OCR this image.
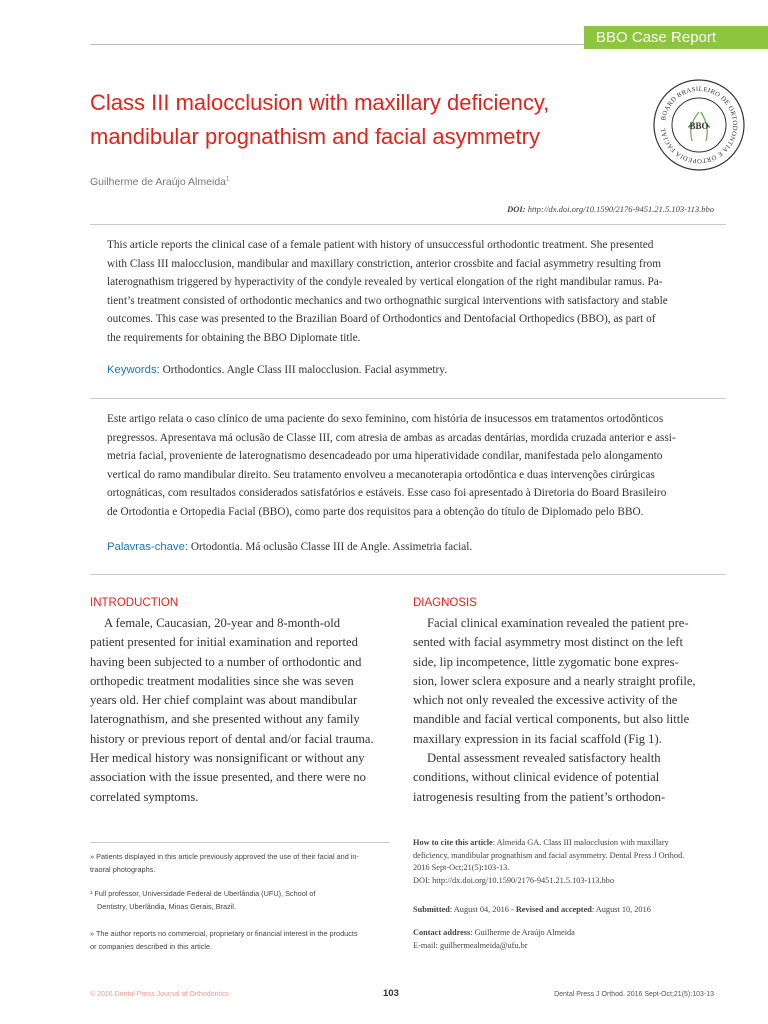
BBO Case Report
Class III malocclusion with maxillary deficiency,
mandibular prognathism and facial asymmetry
BOARD BRASILEIRO DE ORTODONTIA E ORTOPEDIA FACIAL	BBO
Guilherme de Araújo Almeida$^1$
DOI: http://dx.doi.org/10.1590/2176-9451.21.5.103-113.bbo
This article reports the clinical case of a female patient with history of unsuccessful orthodontic treatment. She presented
with Class III malocclusion, mandibular and maxillary constriction, anterior crossbite and facial asymmetry resulting from
laterognathism triggered by hyperactivity of the condyle revealed by vertical elongation of the right mandibular ramus. Pa-
tient’s treatment consisted of orthodontic mechanics and two orthognathic surgical interventions with satisfactory and stable
outcomes. This case was presented to the Brazilian Board of Orthodontics and Dentofacial Orthopedics (BBO), as part of
the requirements for obtaining the BBO Diplomate title.
Keywords: Orthodontics. Angle Class III malocclusion. Facial asymmetry.
Este artigo relata o caso clínico de uma paciente do sexo feminino, com história de insucessos em tratamentos ortodônticos
pregressos. Apresentava má oclusão de Classe III, com atresia de ambas as arcadas dentárias, mordida cruzada anterior e assi-
metria facial, proveniente de laterognatismo desencadeado por uma hiperatividade condilar, manifestada pelo alongamento
vertical do ramo mandibular direito. Seu tratamento envolveu a mecanoterapia ortodôntica e duas intervenções cirúrgicas
ortognáticas, com resultados considerados satisfatórios e estáveis. Esse caso foi apresentado à Diretoria do Board Brasileiro
de Ortodontia e Ortopedia Facial (BBO), como parte dos requisitos para a obtenção do título de Diplomado pelo BBO.
Palavras-chave: Ortodontia. Má oclusão Classe III de Angle. Assimetria facial.
INTRODUCTION
A female, Caucasian, 20-year and 8-month-old
patient presented for initial examination and reported
having been subjected to a number of orthodontic and
orthopedic treatment modalities since she was seven
years old. Her chief complaint was about mandibular
laterognathism, and she presented without any family
history or previous report of dental and/or facial trauma.
Her medical history was nonsignificant or without any
association with the issue presented, and there were no
correlated symptoms.
DIAGNOSIS
Facial clinical examination revealed the patient pre-
sented with facial asymmetry most distinct on the left
side, lip incompetence, little zygomatic bone expres-
sion, lower sclera exposure and a nearly straight profile,
which not only revealed the excessive activity of the
mandible and facial vertical components, but also little
maxillary expression in its facial scaffold (Fig 1).
Dental assessment revealed satisfactory health
conditions, without clinical evidence of potential
iatrogenesis resulting from the patient’s orthodon-
» Patients displayed in this article previously approved the use of their facial and in-
traoral photographs.
¹ Full professor, Universidade Federal de Uberlândia (UFU), School of
Dentistry, Uberlândia, Minas Gerais, Brazil.
» The author reports no commercial, proprietary or financial interest in the products
or companies described in this article.
How to cite this article: Almeida GA. Class III malocclusion with maxillary
deficiency, mandibular prognathism and facial asymmetry. Dental Press J Orthod.
2016 Sept-Oct;21(5):103-13.
DOI: http://dx.doi.org/10.1590/2176-9451.21.5.103-113.bbo
Submitted: August 04, 2016 - Revised and accepted: August 10, 2016
Contact address: Guilherme de Araújo Almeida
E-mail: guilhermealmeida@ufu.br
© 2016 Dental Press Journal of Orthodontics	103	Dental Press J Orthod. 2016 Sept-Oct;21(5):103-13
